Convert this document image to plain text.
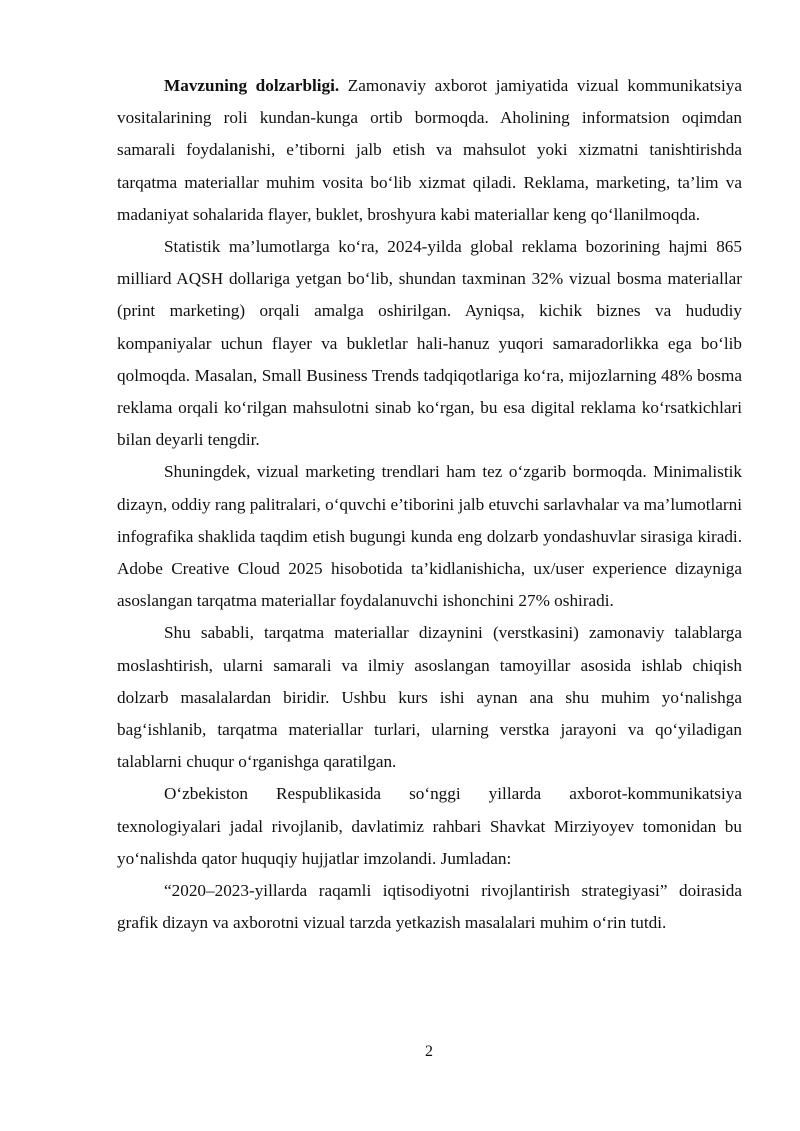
Mavzuning dolzarbligi. Zamonaviy axborot jamiyatida vizual kommunikatsiya vositalarining roli kundan-kunga ortib bormoqda. Aholining informatsion oqimdan samarali foydalanishi, e’tiborni jalb etish va mahsulot yoki xizmatni tanishtirishda tarqatma materiallar muhim vosita bo‘lib xizmat qiladi. Reklama, marketing, ta’lim va madaniyat sohalarida flayer, buklet, broshyura kabi materiallar keng qo‘llanilmoqda.

Statistik ma’lumotlarga ko‘ra, 2024-yilda global reklama bozorining hajmi 865 milliard AQSH dollariga yetgan bo‘lib, shundan taxminan 32% vizual bosma materiallar (print marketing) orqali amalga oshirilgan. Ayniqsa, kichik biznes va hududiy kompaniyalar uchun flayer va bukletlar hali-hanuz yuqori samaradorlikka ega bo‘lib qolmoqda. Masalan, Small Business Trends tadqiqotlariga ko‘ra, mijozlarning 48% bosma reklama orqali ko‘rilgan mahsulotni sinab ko‘rgan, bu esa digital reklama ko‘rsatkichlari bilan deyarli tengdir.

Shuningdek, vizual marketing trendlari ham tez o‘zgarib bormoqda. Minimalistik dizayn, oddiy rang palitralari, o‘quvchi e’tiborini jalb etuvchi sarlavhalar va ma’lumotlarni infografika shaklida taqdim etish bugungi kunda eng dolzarb yondashuvlar sirasiga kiradi. Adobe Creative Cloud 2025 hisobotida ta’kidlanishicha, ux/user experience dizayniga asoslangan tarqatma materiallar foydalanuvchi ishonchini 27% oshiradi.

Shu sababli, tarqatma materiallar dizaynini (verstkasini) zamonaviy talablarga moslashtirish, ularni samarali va ilmiy asoslangan tamoyillar asosida ishlab chiqish dolzarb masalalardan biridir. Ushbu kurs ishi aynan ana shu muhim yo‘nalishga bag‘ishlanib, tarqatma materiallar turlari, ularning verstka jarayoni va qo‘yiladigan talablarni chuqur o‘rganishga qaratilgan.

O‘zbekiston Respublikasida so‘nggi yillarda axborot-kommunikatsiya texnologiyalari jadal rivojlanib, davlatimiz rahbari Shavkat Mirziyoyev tomonidan bu yo‘nalishda qator huquqiy hujjatlar imzolandi. Jumladan:

“2020–2023-yillarda raqamli iqtisodiyotni rivojlantirish strategiyasi” doirasida grafik dizayn va axborotni vizual tarzda yetkazish masalalari muhim o‘rin tutdi.

2
